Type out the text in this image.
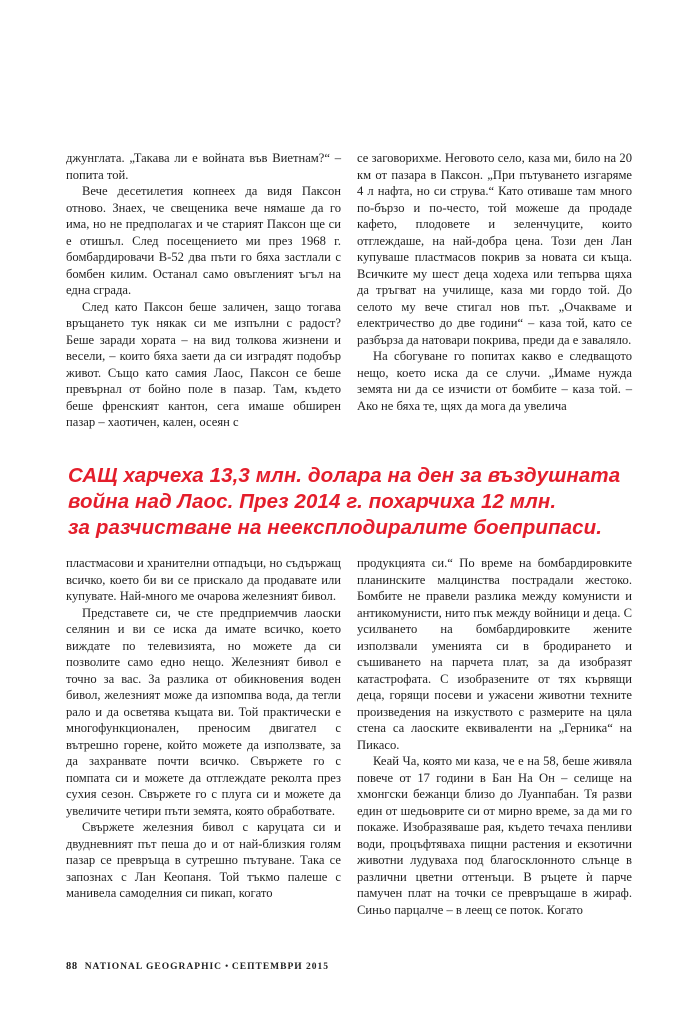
джунглата. „Такава ли е войната във Виетнам?“ – попита той.

Вече десетилетия копнеех да видя Паксон отново. Знаех, че свещеника вече нямаше да го има, но не предполагах и че старият Паксон ще си е отишъл. След посещението ми през 1968 г. бомбардировачи B-52 два пъти го бяха застлали с бомбен килим. Останал само овъгленият ъгъл на една сграда.

След като Паксон беше заличен, защо тогава връщането тук някак си ме изпълни с радост? Беше заради хората – на вид толкова жизнени и весели, – които бяха заети да си изградят подобър живот. Също като самия Лаос, Паксон се беше превърнал от бойно поле в пазар. Там, където беше френският кантон, сега имаше обширен пазар – хаотичен, кален, осеян с

се заговорихме. Неговото село, каза ми, било на 20 км от пазара в Паксон. „При пътуването изгаряме 4 л нафта, но си струва.“ Като отиваше там много по-бързо и по-често, той можеше да продаде кафето, плодовете и зеленчуците, които отглеждаше, на най-добра цена. Този ден Лан купуваше пластмасов покрив за новата си къща. Всичките му шест деца ходеха или тепърва щяха да тръгват на училище, каза ми гордо той. До селото му вече стигал нов път. „Очакваме и електричество до две години“ – каза той, като се разбърза да натовари покрива, преди да е заваляло.

На сбогуване го попитах какво е следващото нещо, което иска да се случи. „Имаме нужда земята ни да се изчисти от бомбите – каза той. – Ако не бяха те, щях да мога да увелича

САЩ харчеха 13,3 млн. долара на ден за въздушната
война над Лаос. През 2014 г. похарчиха 12 млн.
за разчистване на неексплодиралите боеприпаси.

пластмасови и хранителни отпадъци, но съдържащ всичко, което би ви се прискало да продавате или купувате. Най-много ме очарова железният бивол.

Представете си, че сте предприемчив лаоски селянин и ви се иска да имате всичко, което виждате по телевизията, но можете да си позволите само едно нещо. Железният бивол е точно за вас. За разлика от обикновения воден бивол, железният може да изпомпва вода, да тегли рало и да осветява къщата ви. Той практически е многофункционален, преносим двигател с вътрешно горене, който можете да използвате, за да захранвате почти всичко. Свържете го с помпата си и можете да отглеждате реколта през сухия сезон. Свържете го с плуга си и можете да увеличите четири пъти земята, която обработвате.

Свържете железния бивол с каруцата си и двудневният път пеша до и от най-близкия голям пазар се превръща в сутрешно пътуване. Така се запознах с Лан Кеопаня. Той тъкмо палеше с манивела самоделния си пикап, когато

продукцията си.“ По време на бомбардировките планинските малцинства пострадали жестоко. Бомбите не правели разлика между комунисти и антикомунисти, нито пък между войници и деца. С усилването на бомбардировките жените използвали уменията си в бродирането и съшиването на парчета плат, за да изобразят катастрофата. С изобразените от тях кървящи деца, горящи посеви и ужасени животни техните произведения на изкуството с размерите на цяла стена са лаоските еквиваленти на „Герника“ на Пикасо.

Кеай Ча, която ми каза, че е на 58, беше живяла повече от 17 години в Бан На Он – селище на хмонгски бежанци близо до Луанпабан. Тя разви един от шедьоврите си от мирно време, за да ми го покаже. Изобразяваше рая, където течаха пенливи води, процъфтяваха пищни растения и екзотични животни лудуваха под благосклонното слънце в различни цветни оттенъци. В ръцете ѝ парче памучен плат на точки се превръщаше в жираф. Синьо парцалче – в леещ се поток. Когато

88 NATIONAL GEOGRAPHIC • СЕПТЕМВРИ 2015
